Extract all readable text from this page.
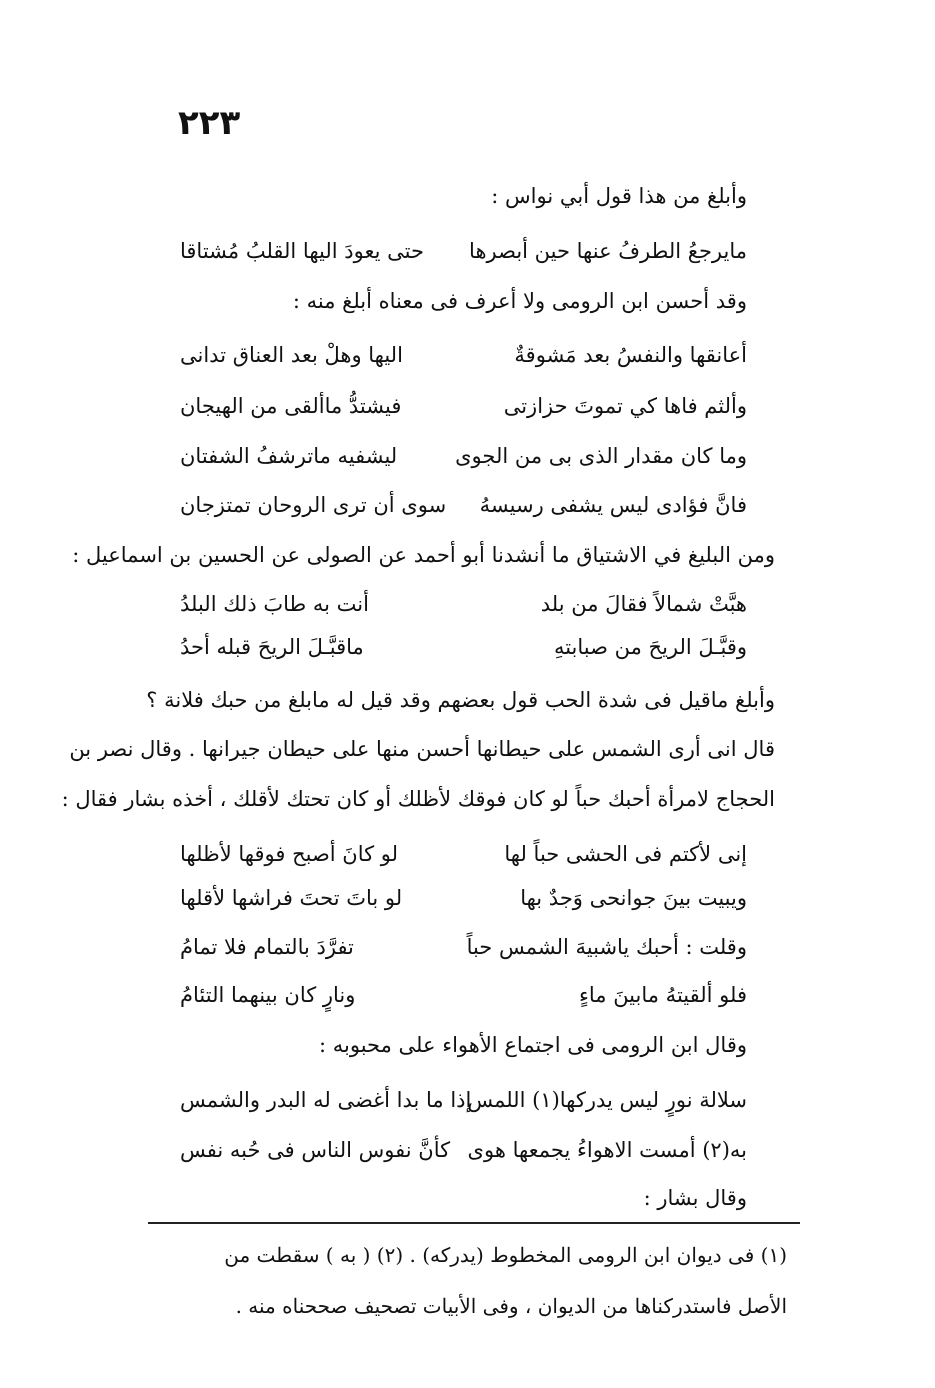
٢٢٣
وأبلغ من هذا قول أبي نواس :
مايرجعُ الطرفُ عنها حين أبصرها
حتى يعودَ اليها القلبُ مُشتاقا
وقد أحسن ابن الرومى ولا أعرف فى معناه أبلغ منه :
أعانقها والنفسُ بعد مَشوقةٌ
اليها وهلْ بعد العناق تدانى
وألثم فاها كي تموتَ حزازتى
فيشتدُّ ماألقى من الهيجان
وما كان مقدار الذى بى من الجوى
ليشفيه ماترشفُ الشفتان
فانَّ فؤادى ليس يشفى رسيسهُ
سوى أن ترى الروحان تمتزجان
ومن البليغ في الاشتياق ما أنشدنا أبو أحمد عن الصولى عن الحسين بن اسماعيل :
هبَّتْ شمالاً فقالَ من بلد
أنت به طابَ ذلك البلدُ
وقبَّـلَ الريحَ من صبابتهِ
ماقبَّـلَ الريحَ قبله أحدُ
وأبلغ ماقيل فى شدة الحب قول بعضهم وقد قيل له مابلغ من حبك فلانة ؟
قال انى أرى الشمس على حيطانها أحسن منها على حيطان جيرانها . وقال نصر بن
الحجاج لامرأة أحبك حباً لو كان فوقك لأظلك أو كان تحتك لأقلك ، أخذه بشار فقال :
إنى لأكتم فى الحشى حباً لها
لو كانَ أصبح فوقها لأظلها
ويبيت بينَ جوانحى وَجدٌ بها
لو باتَ تحتَ فراشها لأقلها
وقلت : أحبك ياشبيهَ الشمس حباً
تفرَّدَ بالتمام فلا تمامُ
فلو ألقيتهُ مابينَ ماءٍ
ونارٍ كان بينهما التئامُ
وقال ابن الرومى فى اجتماع الأهواء على محبوبه :
سلالة نورٍ ليس يدركها(١) اللمس
إذا ما بدا أغضى له البدر والشمس
به(٢) أمست الاهواءُ يجمعها هوى
كأنَّ نفوس الناس فى حُبه نفس
وقال بشار :
(١) فى ديوان ابن الرومى المخطوط (يدركه) . (٢) ( به ) سقطت من
الأصل فاستدركناها من الديوان ، وفى الأبيات تصحيف صححناه منه .
